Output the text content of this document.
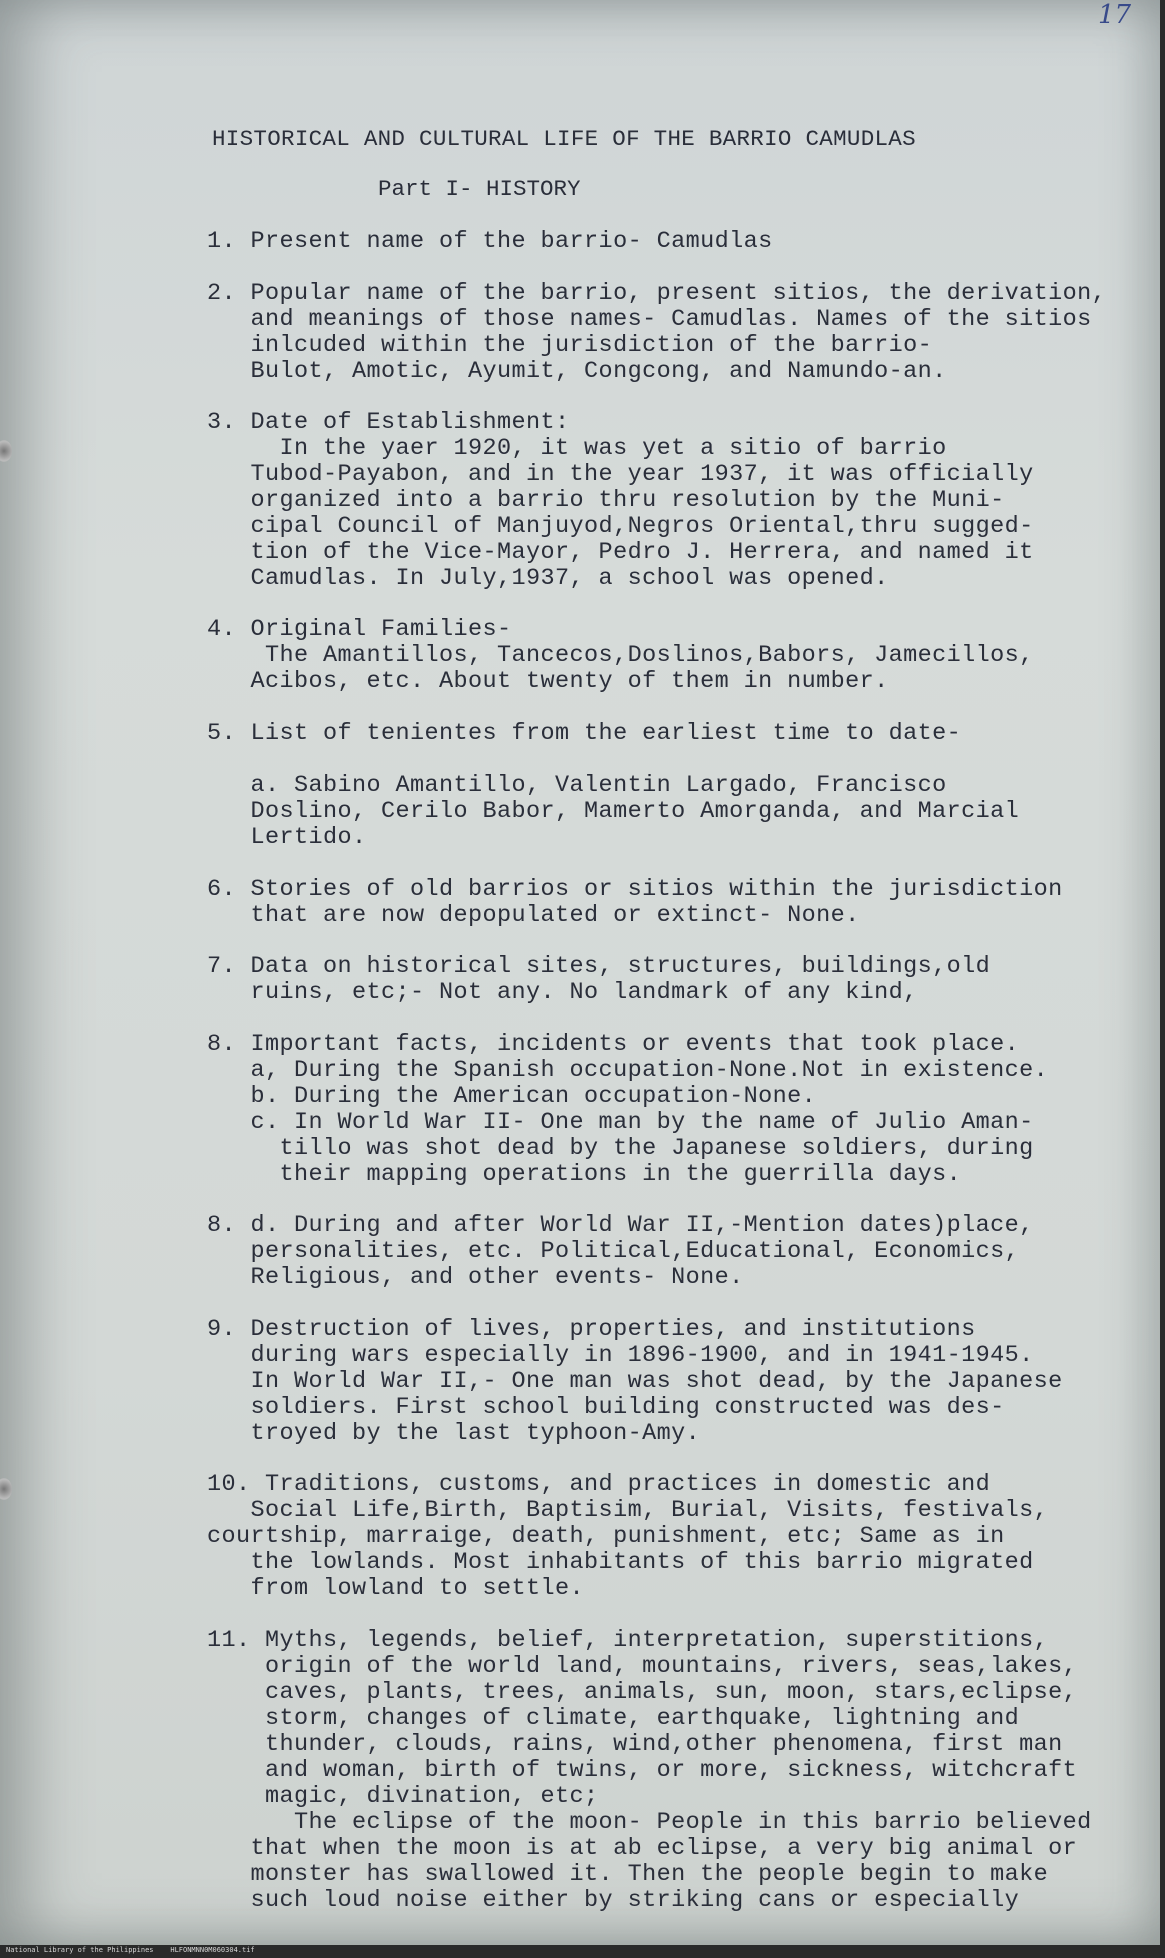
17
HISTORICAL AND CULTURAL LIFE OF THE BARRIO CAMUDLAS
Part I- HISTORY
1. Present name of the barrio- Camudlas
2. Popular name of the barrio, present sitios, the derivation,
and meanings of those names- Camudlas. Names of the sitios
inlcuded within the jurisdiction of the barrio-
Bulot, Amotic, Ayumit, Congcong, and Namundo-an.
3. Date of Establishment:
In the yaer 1920, it was yet a sitio of barrio
Tubod-Payabon, and in the year 1937, it was officially
organized into a barrio thru resolution by the Muni-
cipal Council of Manjuyod,Negros Oriental,thru sugged-
tion of the Vice-Mayor, Pedro J. Herrera, and named it
Camudlas. In July,1937, a school was opened.
4. Original Families-
The Amantillos, Tancecos,Doslinos,Babors, Jamecillos,
Acibos, etc. About twenty of them in number.
5. List of tenientes from the earliest time to date-
a. Sabino Amantillo, Valentin Largado, Francisco
Doslino, Cerilo Babor, Mamerto Amorganda, and Marcial
Lertido.
6. Stories of old barrios or sitios within the jurisdiction
that are now depopulated or extinct- None.
7. Data on historical sites, structures, buildings,old
ruins, etc;- Not any. No landmark of any kind,
8. Important facts, incidents or events that took place.
a, During the Spanish occupation-None.Not in existence.
b. During the American occupation-None.
c. In World War II- One man by the name of Julio Aman-
tillo was shot dead by the Japanese soldiers, during
their mapping operations in the guerrilla days.
8. d. During and after World War II,-Mention dates)place,
personalities, etc. Political,Educational, Economics,
Religious, and other events- None.
9. Destruction of lives, properties, and institutions
during wars especially in 1896-1900, and in 1941-1945.
In World War II,- One man was shot dead, by the Japanese
soldiers. First school building constructed was des-
troyed by the last typhoon-Amy.
10. Traditions, customs, and practices in domestic and
Social Life,Birth, Baptisim, Burial, Visits, festivals,
courtship, marraige, death, punishment, etc; Same as in
the lowlands. Most inhabitants of this barrio migrated
from lowland to settle.
11. Myths, legends, belief, interpretation, superstitions,
origin of the world land, mountains, rivers, seas,lakes,
caves, plants, trees, animals, sun, moon, stars,eclipse,
storm, changes of climate, earthquake, lightning and
thunder, clouds, rains, wind,other phenomena, first man
and woman, birth of twins, or more, sickness, witchcraft
magic, divination, etc;
The eclipse of the moon- People in this barrio believed
that when the moon is at ab eclipse, a very big animal or
monster has swallowed it. Then the people begin to make
such loud noise either by striking cans or especially
National Library of the Philippines    HLFONMNN0M060304.tif
